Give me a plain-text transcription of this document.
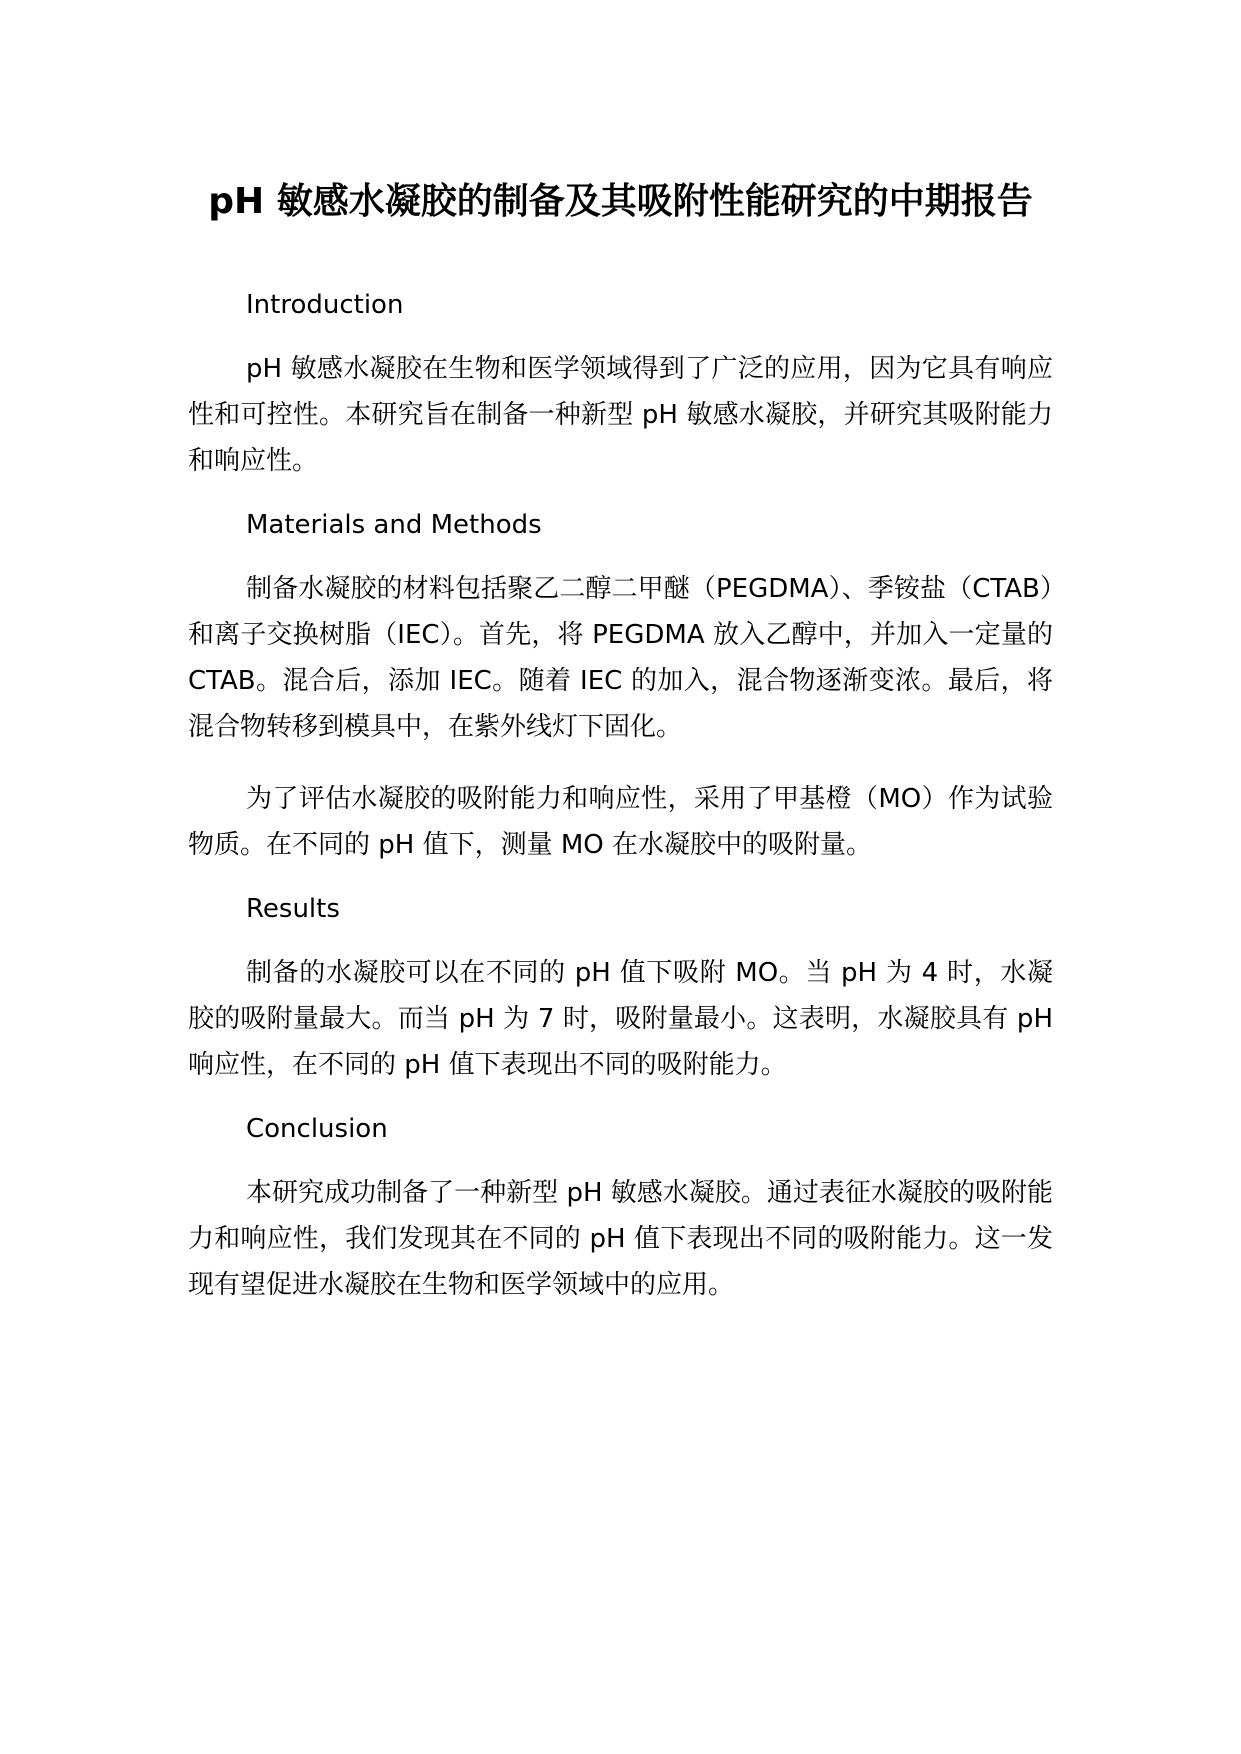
pH 敏感水凝胶的制备及其吸附性能研究的中期报告
Introduction

pH 敏感水凝胶在生物和医学领域得到了广泛的应用，因为它具有响应性和可控性。本研究旨在制备一种新型 pH 敏感水凝胶，并研究其吸附能力和响应性。

Materials and Methods

制备水凝胶的材料包括聚乙二醇二甲醚（PEGDMA）、季铵盐（CTAB）和离子交换树脂（IEC）。首先，将 PEGDMA 放入乙醇中，并加入一定量的 CTAB。混合后，添加 IEC。随着 IEC 的加入，混合物逐渐变浓。最后，将混合物转移到模具中，在紫外线灯下固化。

为了评估水凝胶的吸附能力和响应性，采用了甲基橙（MO）作为试验物质。在不同的 pH 值下，测量 MO 在水凝胶中的吸附量。

Results

制备的水凝胶可以在不同的 pH 值下吸附 MO。当 pH 为 4 时，水凝胶的吸附量最大。而当 pH 为 7 时，吸附量最小。这表明，水凝胶具有 pH 响应性，在不同的 pH 值下表现出不同的吸附能力。

Conclusion

本研究成功制备了一种新型 pH 敏感水凝胶。通过表征水凝胶的吸附能力和响应性，我们发现其在不同的 pH 值下表现出不同的吸附能力。这一发现有望促进水凝胶在生物和医学领域中的应用。
